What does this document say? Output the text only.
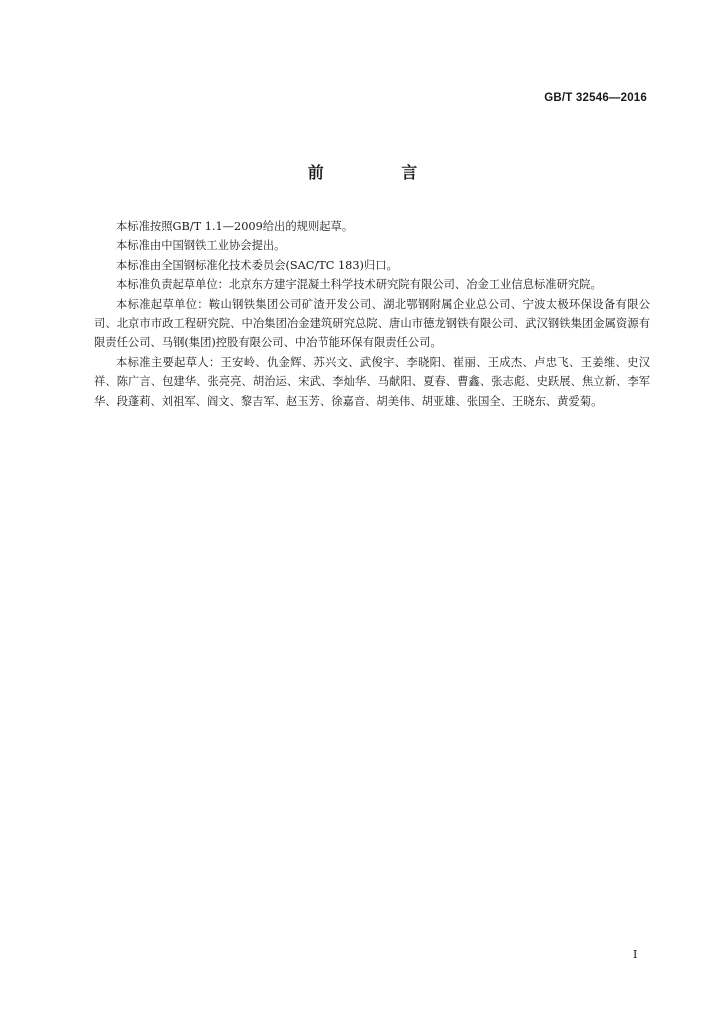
GB/T 32546—2016
前 言

本标准按照GB/T 1.1—2009给出的规则起草。

本标准由中国钢铁工业协会提出。

本标准由全国钢标准化技术委员会(SAC/TC 183)归口。

本标准负责起草单位：北京东方建宇混凝土科学技术研究院有限公司、冶金工业信息标准研究院。

本标准起草单位：鞍山钢铁集团公司矿渣开发公司、湖北鄂钢附属企业总公司、宁波太极环保设备有限公司、北京市市政工程研究院、中冶集团冶金建筑研究总院、唐山市德龙钢铁有限公司、武汉钢铁集团金属资源有限责任公司、马钢(集团)控股有限公司、中冶节能环保有限责任公司。

本标准主要起草人：王安岭、仇金辉、苏兴文、武俊宇、李晓阳、崔丽、王成杰、卢忠飞、王姜维、史汉祥、陈广言、包建华、张亮亮、胡治运、宋武、李灿华、马献阳、夏春、曹鑫、张志彪、史跃展、焦立新、李军华、段蓬莉、刘祖军、阎文、黎吉军、赵玉芳、徐嘉音、胡美伟、胡亚雄、张国全、王晓东、黄爱菊。

I
